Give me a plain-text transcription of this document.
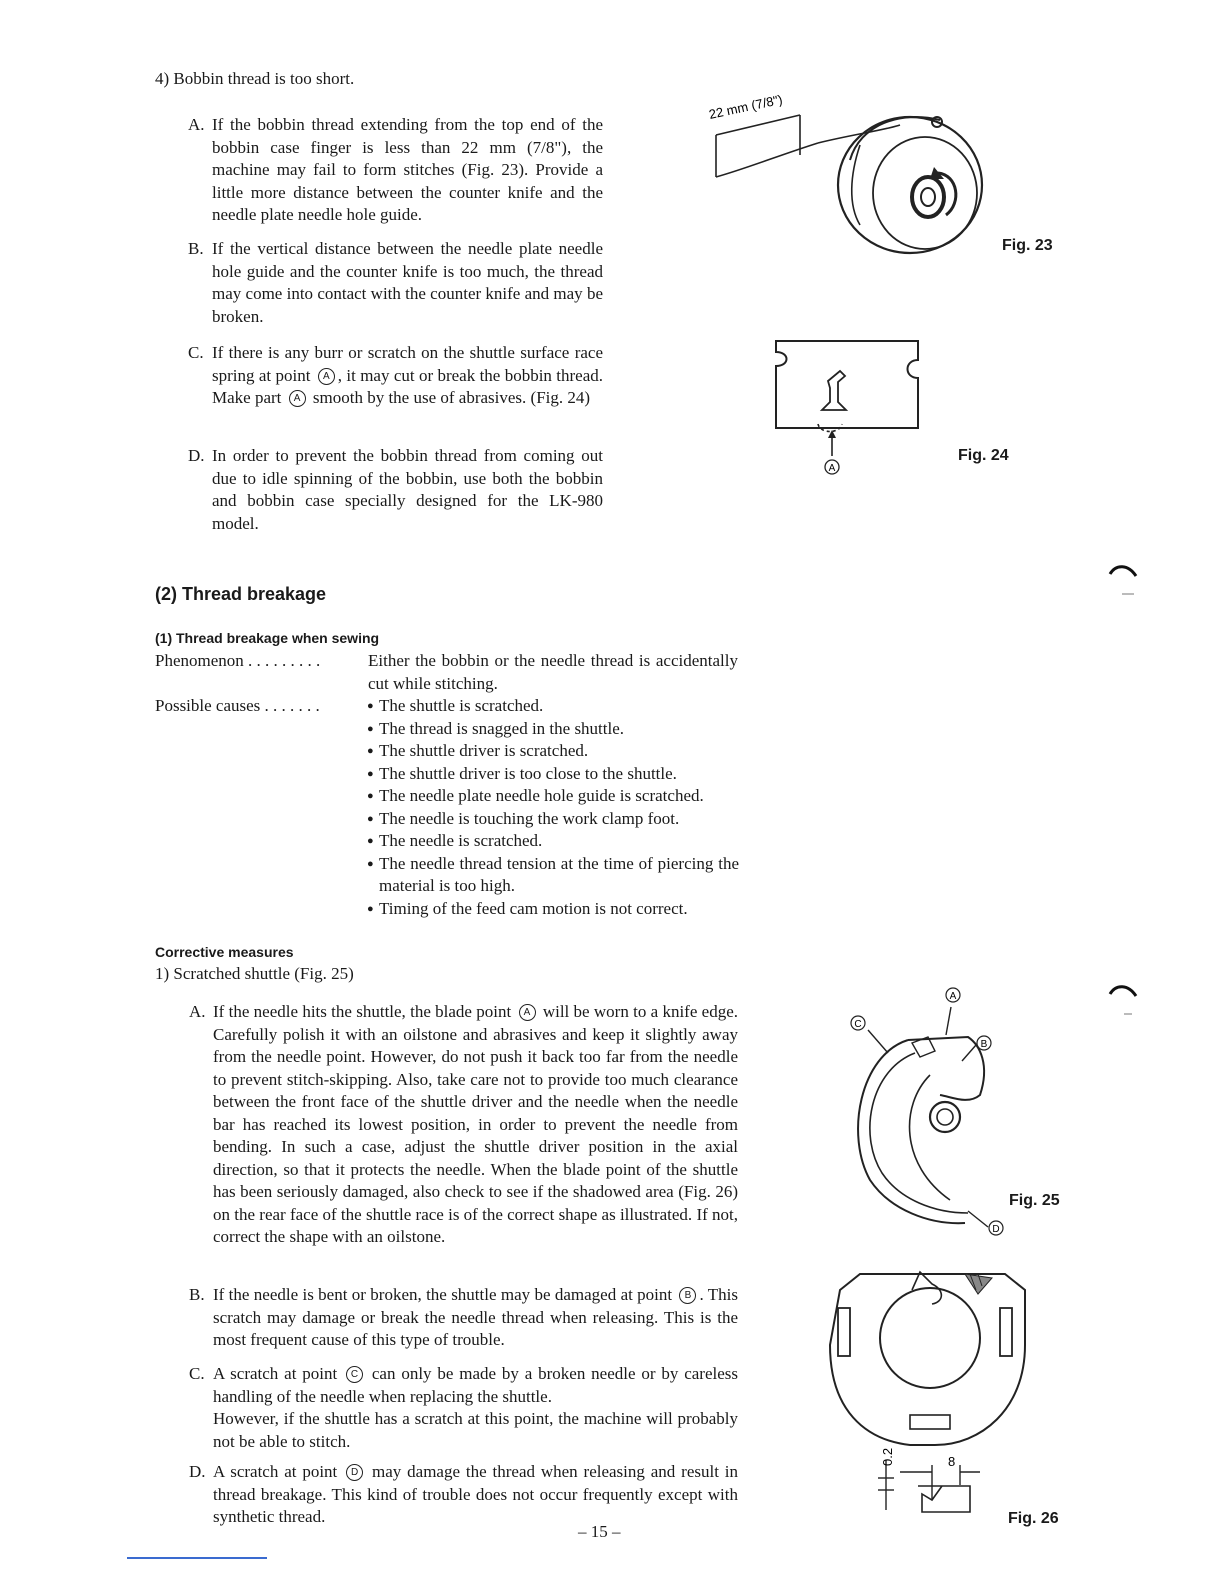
4) Bobbin thread is too short.
A. If the bobbin thread extending from the top end of the bobbin case finger is less than 22 mm (7/8"), the machine may fail to form stitches (Fig. 23). Provide a little more distance between the counter knife and the needle plate needle hole guide.
B. If the vertical distance between the needle plate needle hole guide and the counter knife is too much, the thread may come into contact with the counter knife and may be broken.
C. If there is any burr or scratch on the shuttle surface race spring at point A , it may cut or break the bobbin thread. Make part A smooth by the use of abrasives. (Fig. 24)
D. In order to prevent the bobbin thread from coming out due to idle spinning of the bobbin, use both the bobbin and bobbin case specially designed for the LK-980 model.
22 mm (7/8")
Fig. 23
A
Fig. 24
(2) Thread breakage
(1) Thread breakage when sewing
Phenomenon . . . . . . . . .	Either the bobbin or the needle thread is accidentally cut while stitching.
Possible causes . . . . . . .
●	The shuttle is scratched.
● The thread is snagged in the shuttle.
● The shuttle driver is scratched.
● The shuttle driver is too close to the shuttle.
● The needle plate needle hole guide is scratched.
● The needle is touching the work clamp foot.
● The needle is scratched.
● The needle thread tension at the time of piercing the material is too high.
● Timing of the feed cam motion is not correct.
Corrective measures
1) Scratched shuttle (Fig. 25)
A. If the needle hits the shuttle, the blade point A will be worn to a knife edge. Carefully polish it with an oilstone and abrasives and keep it slightly away from the needle point. However, do not push it back too far from the needle to prevent stitch-skipping. Also, take care not to provide too much clearance between the front face of the shuttle driver and the needle when the needle bar has reached its lowest position, in order to prevent the needle from bending. In such a case, adjust the shuttle driver position in the axial direction, so that it protects the needle. When the blade point of the shuttle has been seriously damaged, also check to see if the shadowed area (Fig. 26) on the rear face of the shuttle race is of the correct shape as illustrated. If not, correct the shape with an oilstone.
B. If the needle is bent or broken, the shuttle may be damaged at point B . This scratch may damage or break the needle thread when releasing. This is the most frequent cause of this type of trouble.
C. A scratch at point C can only be made by a broken needle or by careless handling of the needle when replacing the shuttle.
However, if the shuttle has a scratch at this point, the machine will probably not be able to stitch.
D. A scratch at point D may damage the thread when releasing and result in thread breakage. This kind of trouble does not occur frequently except with synthetic thread.
C
A
B
D
Fig. 25
0.2	8
Fig. 26
– 15 –
